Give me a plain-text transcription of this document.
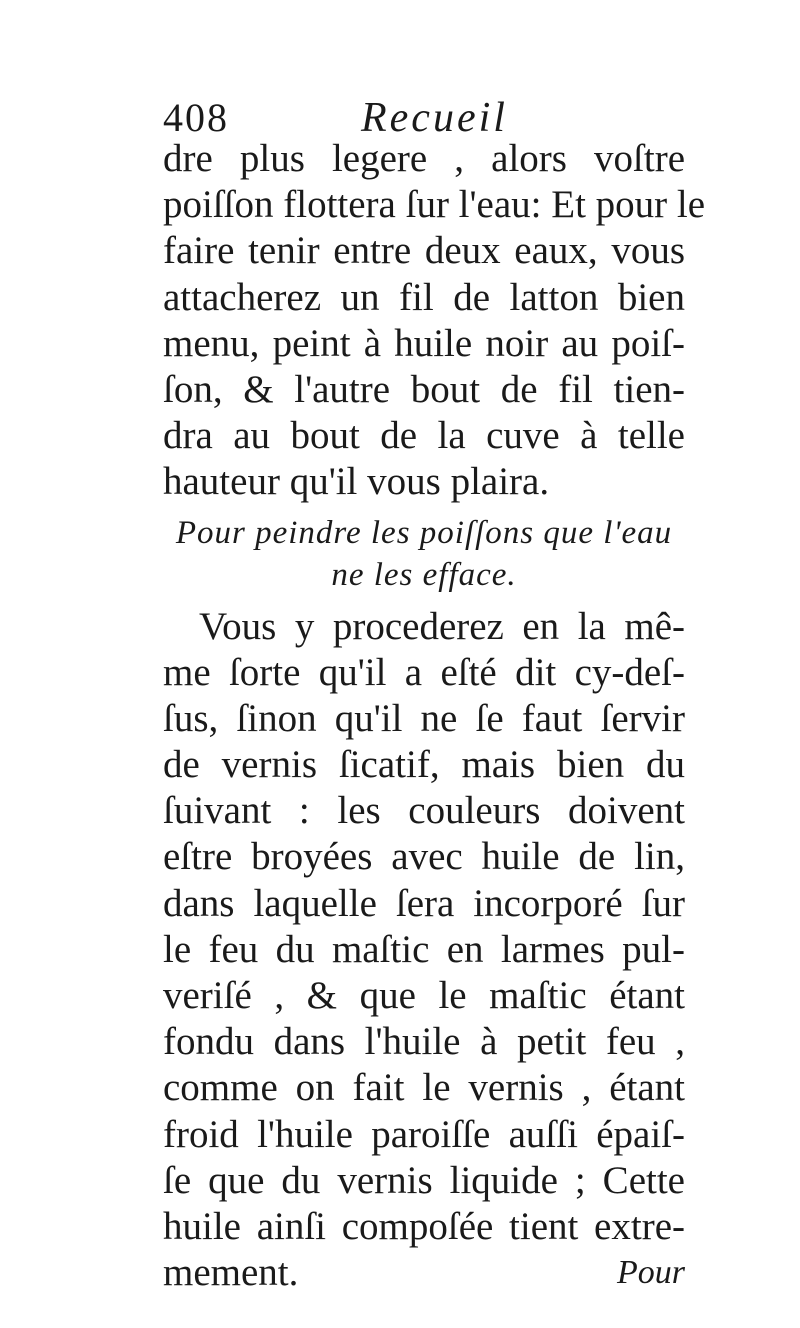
408	Recueil
dre plus legere , alors voſtre
poiſſon flottera ſur l'eau: Et pour le
faire tenir entre deux eaux, vous
attacherez un fil de latton bien
menu, peint à huile noir au poiſ-
ſon, & l'autre bout de fil tien-
dra au bout de la cuve à telle
hauteur qu'il vous plaira.
Pour peindre les poiſſons que l'eau
ne les efface.
Vous y procederez en la mê-
me ſorte qu'il a eſté dit cy-deſ-
ſus, ſinon qu'il ne ſe faut ſervir
de vernis ſicatif, mais bien du
ſuivant : les couleurs doivent
eſtre broyées avec huile de lin,
dans laquelle ſera incorporé ſur
le feu du maſtic en larmes pul-
veriſé , & que le maſtic étant
fondu dans l'huile à petit feu ,
comme on fait le vernis , étant
froid l'huile paroiſſe auſſi épaiſ-
ſe que du vernis liquide ; Cette
huile ainſi compoſée tient extre-
mement.	Pour
